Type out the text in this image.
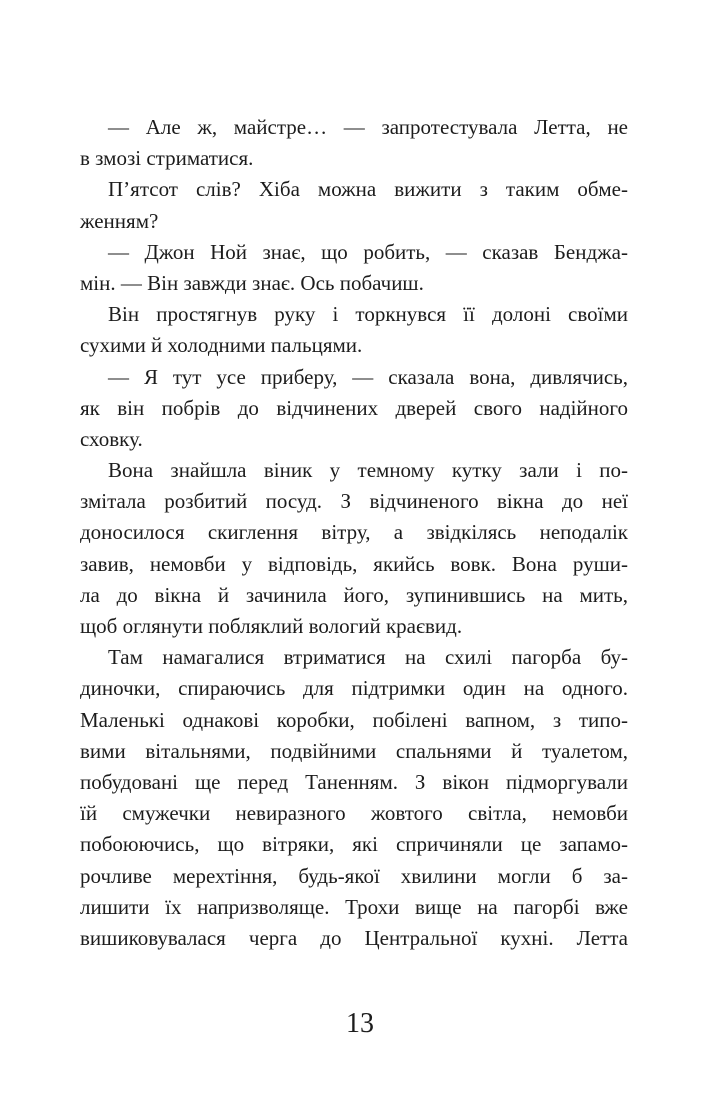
— Але ж, майстре… — запротестувала Летта, не
в змозі стриматися.
П’ятсот слів? Хіба можна вижити з таким обме-
женням?
— Джон Ной знає, що робить, — сказав Бенджа-
мін. — Він завжди знає. Ось побачиш.
Він простягнув руку і торкнувся її долоні своїми
сухими й холодними пальцями.
— Я тут усе приберу, — сказала вона, дивлячись,
як він побрів до відчинених дверей свого надійного
сховку.
Вона знайшла віник у темному кутку зали і по-
змітала розбитий посуд. З відчиненого вікна до неї
доносилося скиглення вітру, а звідкілясь неподалік
завив, немовби у відповідь, якийсь вовк. Вона руши-
ла до вікна й зачинила його, зупинившись на мить,
щоб оглянути побляклий вологий краєвид.
Там намагалися втриматися на схилі пагорба бу-
диночки, спираючись для підтримки один на одного.
Маленькі однакові коробки, побілені вапном, з типо-
вими вітальнями, подвійними спальнями й туалетом,
побудовані ще перед Таненням. З вікон підморгували
їй смужечки невиразного жовтого світла, немовби
побоюючись, що вітряки, які спричиняли це запамо-
рочливе мерехтіння, будь-якої хвилини могли б за-
лишити їх напризволяще. Трохи вище на пагорбі вже
вишиковувалася черга до Центральної кухні. Летта
13
